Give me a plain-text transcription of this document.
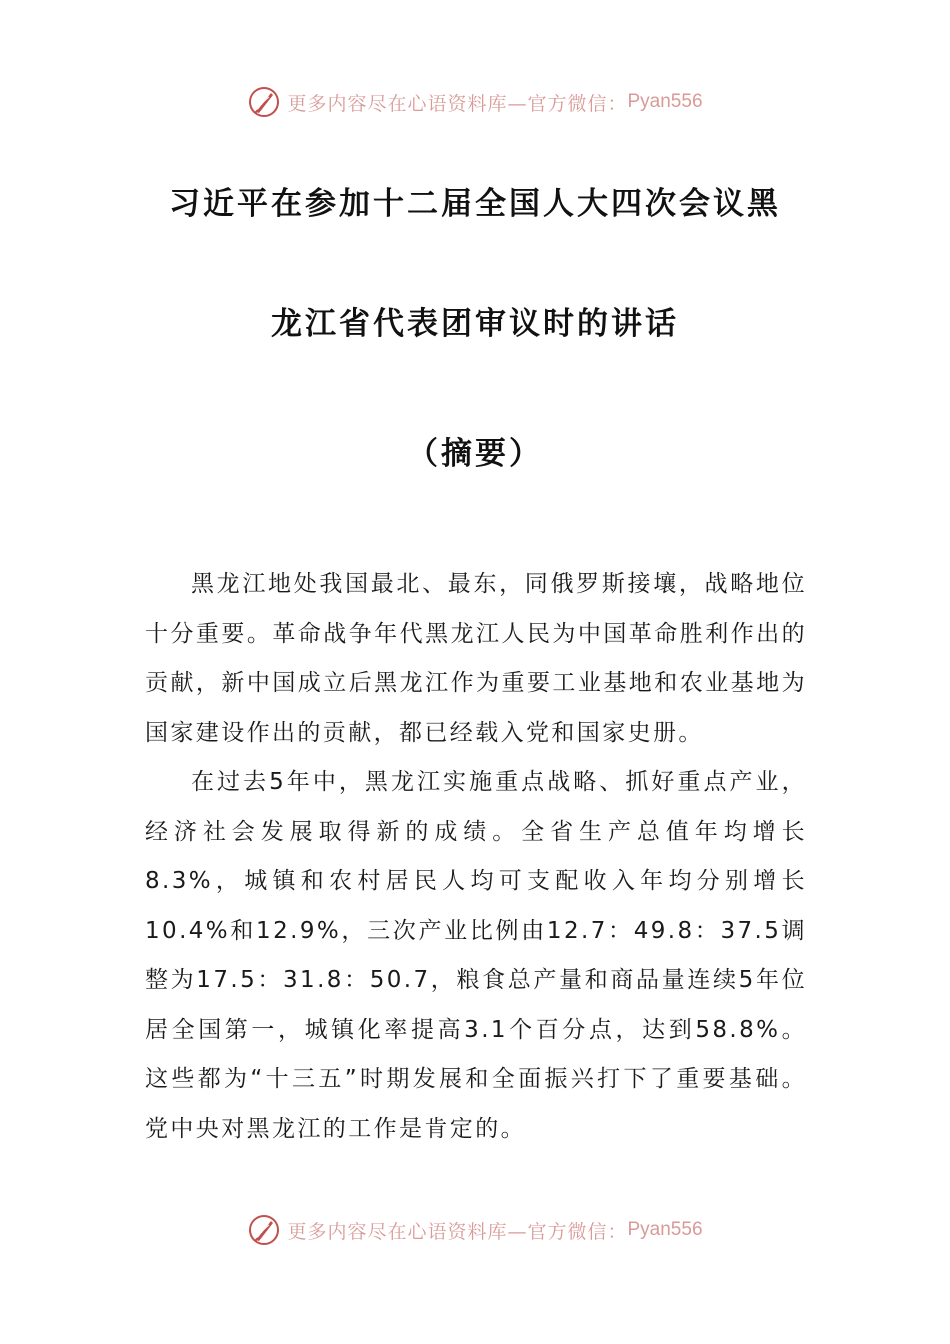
更多内容尽在心语资料库—官方微信： Pyan556
习近平在参加十二届全国人大四次会议黑
龙江省代表团审议时的讲话
（摘要）

黑龙江地处我国最北、最东，同俄罗斯接壤，战略地位十分重要。革命战争年代黑龙江人民为中国革命胜利作出的贡献，新中国成立后黑龙江作为重要工业基地和农业基地为国家建设作出的贡献，都已经载入党和国家史册。

在过去5年中，黑龙江实施重点战略、抓好重点产业，经济社会发展取得新的成绩。全省生产总值年均增长8.3%，城镇和农村居民人均可支配收入年均分别增长10.4%和12.9%，三次产业比例由12.7：49.8：37.5调整为17.5：31.8：50.7，粮食总产量和商品量连续5年位居全国第一，城镇化率提高3.1个百分点，达到58.8%。这些都为“十三五”时期发展和全面振兴打下了重要基础。党中央对黑龙江的工作是肯定的。

更多内容尽在心语资料库—官方微信： Pyan556
